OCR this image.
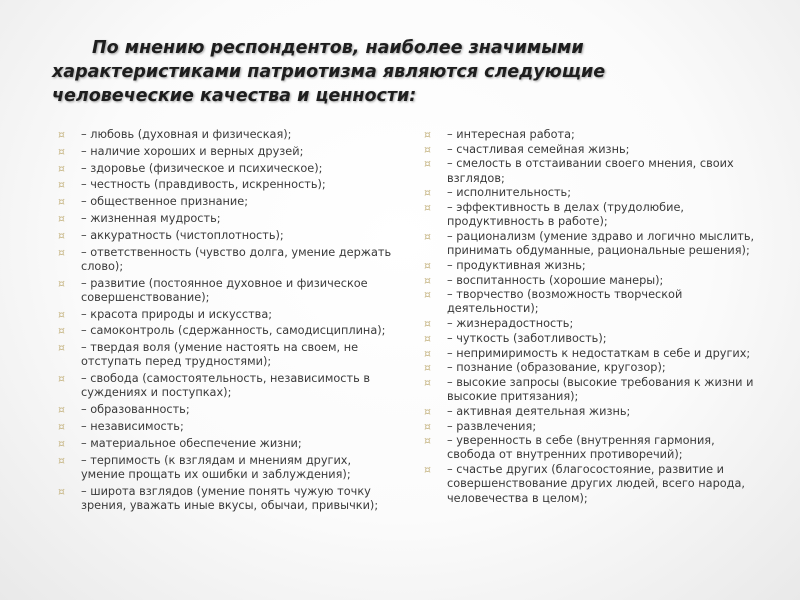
По мнению респондентов, наиболее значимыми характеристиками патриотизма являются следующие человеческие качества и ценности:
¤ – любовь (духовная и физическая);
¤ – наличие хороших и верных друзей;
¤ – здоровье (физическое и психическое);
¤ – честность (правдивость, искренность);
¤ – общественное признание;
¤ – жизненная мудрость;
¤ – аккуратность (чистоплотность);
¤ – ответственность (чувство долга, умение держать слово);
¤ – развитие (постоянное духовное и физическое совершенствование);
¤ – красота природы и искусства;
¤ – самоконтроль (сдержанность, самодисциплина);
¤ – твердая воля (умение настоять на своем, не отступать перед трудностями);
¤ – свобода (самостоятельность, независимость в суждениях и поступках);
¤ – образованность;
¤ – независимость;
¤ – материальное обеспечение жизни;
¤ – терпимость (к взглядам и мнениям других, умение прощать их ошибки и заблуждения);
¤ – широта взглядов (умение понять чужую точку зрения, уважать иные вкусы, обычаи, привычки);
¤ – интересная работа;
¤ – счастливая семейная жизнь;
¤ – смелость в отстаивании своего мнения, своих взглядов;
¤ – исполнительность;
¤ – эффективность в делах (трудолюбие, продуктивность в работе);
¤ – рационализм (умение здраво и логично мыслить, принимать обдуманные, рациональные решения);
¤ – продуктивная жизнь;
¤ – воспитанность (хорошие манеры);
¤ – творчество (возможность творческой деятельности);
¤ – жизнерадостность;
¤ – чуткость (заботливость);
¤ – непримиримость к недостаткам в себе и других;
¤ – познание (образование, кругозор);
¤ – высокие запросы (высокие требования к жизни и высокие притязания);
¤ – активная деятельная жизнь;
¤ – развлечения;
¤ – уверенность в себе (внутренняя гармония, свобода от внутренних противоречий);
¤ – счастье других (благосостояние, развитие и совершенствование других людей, всего народа, человечества в целом);
